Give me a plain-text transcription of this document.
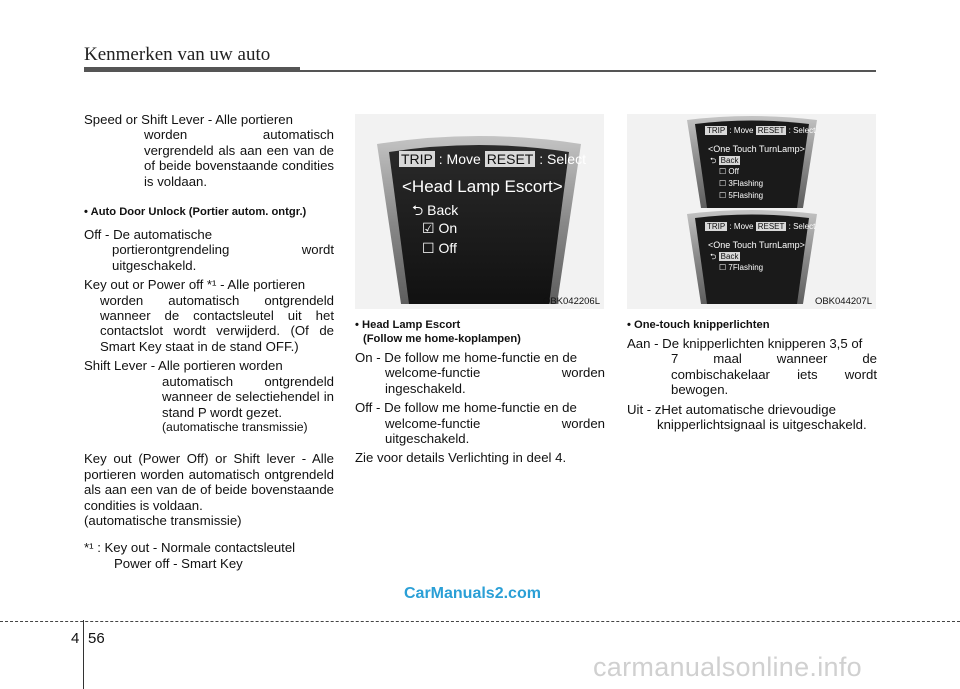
Kenmerken van uw auto

Speed or Shift Lever - Alle portieren

worden automatisch vergrendeld als aan een van de of beide bovenstaande condities is voldaan.

• Auto Door Unlock (Portier autom. ontgr.)

Off - De automatische

portierontgrendeling wordt uitgeschakeld.

Key out or Power off *¹ - Alle portieren

worden automatisch ontgrendeld wanneer de contactsleutel uit het contactslot wordt verwijderd. (Of de Smart Key staat in de stand OFF.)

Shift Lever - Alle portieren worden

automatisch ontgrendeld wanneer de selectiehendel in stand P wordt gezet.

(automatische transmissie)

Key out (Power Off) or Shift lever - Alle portieren worden automatisch ontgrendeld als aan een van de of beide bovenstaande condities is voldaan.

(automatische transmissie)

*¹ : Key out - Normale contactsleutel

Power off - Smart Key

TRIP : Move RESET : Select
<Head Lamp Escort>
⮌ Back
☑ On
☐ Off
OBK042206L
TRIP : Move RESET : Select
<One Touch TurnLamp>
⮌ Back
☐ Off
☐ 3Flashing
☐ 5Flashing
TRIP : Move RESET : Select
<One Touch TurnLamp>
⮌ Back
☐ 7Flashing
OBK044207L

• Head Lamp Escort

(Follow me home-koplampen)

On - De follow me home-functie en de

welcome-functie worden ingeschakeld.

Off - De follow me home-functie en de

welcome-functie worden uitgeschakeld.

Zie voor details Verlichting in deel 4.

• One-touch knipperlichten

Aan - De knipperlichten knipperen 3,5 of

7 maal wanneer de combischakelaar iets wordt bewogen.

Uit - zHet automatische drievoudige

knipperlichtsignaal is uitgeschakeld.

CarManuals2.com
4 56
carmanualsonline.info
